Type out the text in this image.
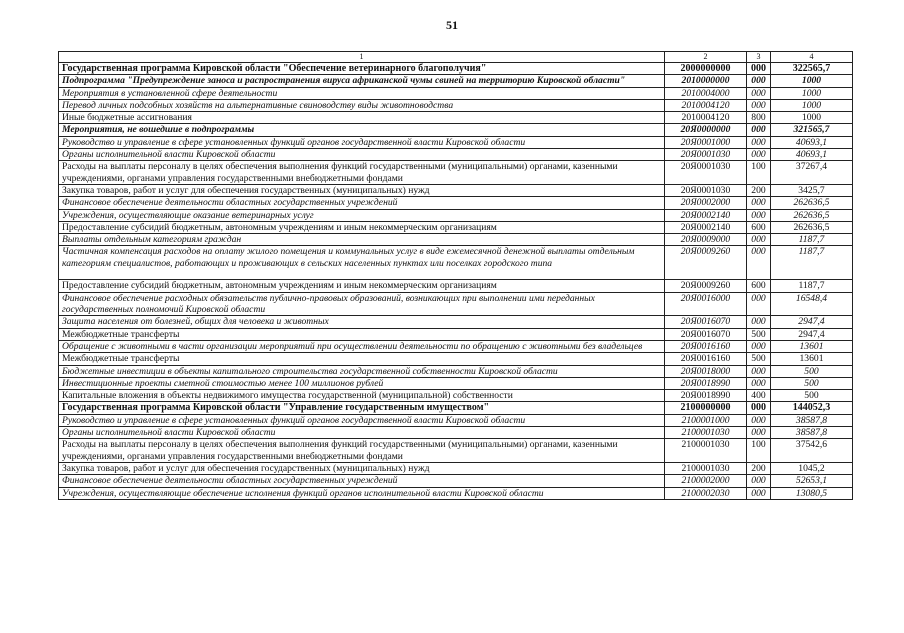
51
1	2	3	4
Государственная программа Кировской области "Обеспечение ветеринарного благополучия"	2000000000	000	322565,7
Подпрограмма "Предупреждение заноса и распространения вируса африканской чумы свиней на территорию Кировской области"	2010000000	000	1000
Мероприятия в установленной сфере деятельности	2010004000	000	1000
Перевод личных подсобных хозяйств на альтернативные свиноводству виды животноводства	2010004120	000	1000
Иные бюджетные ассигнования	2010004120	800	1000
Мероприятия, не вошедшие в подпрограммы	20Я0000000	000	321565,7
Руководство и управление в сфере установленных функций органов государственной власти Кировской области	20Я0001000	000	40693,1
Органы исполнительной власти Кировской области	20Я0001030	000	40693,1
Расходы на выплаты персоналу в целях обеспечения выполнения функций государственными (муниципальными) органами, казенными учреждениями, органами управления государственными внебюджетными фондами	20Я0001030	100	37267,4
Закупка товаров, работ и услуг для обеспечения государственных (муниципальных) нужд	20Я0001030	200	3425,7
Финансовое обеспечение деятельности областных государственных учреждений	20Я0002000	000	262636,5
Учреждения, осуществляющие оказание ветеринарных услуг	20Я0002140	000	262636,5
Предоставление субсидий бюджетным, автономным учреждениям и иным некоммерческим организациям	20Я0002140	600	262636,5
Выплаты отдельным категориям граждан	20Я0009000	000	1187,7
Частичная компенсация расходов на оплату жилого помещения и коммунальных услуг в виде ежемесячной денежной выплаты отдельным категориям специалистов, работающих и проживающих в сельских населенных пунктах или поселках городского типа	20Я0009260	000	1187,7
Предоставление субсидий бюджетным, автономным учреждениям и иным некоммерческим организациям	20Я0009260	600	1187,7
Финансовое обеспечение расходных обязательств публично-правовых образований, возникающих при выполнении ими переданных государственных полномочий Кировской области	20Я0016000	000	16548,4
Защита населения от болезней, общих для человека и животных	20Я0016070	000	2947,4
Межбюджетные трансферты	20Я0016070	500	2947,4
Обращение с животными в части организации мероприятий при осуществлении деятельности по обращению с животными без владельцев	20Я0016160	000	13601
Межбюджетные трансферты	20Я0016160	500	13601
Бюджетные инвестиции в объекты капитального строительства государственной собственности Кировской области	20Я0018000	000	500
Инвестиционные проекты сметной стоимостью менее 100 миллионов рублей	20Я0018990	000	500
Капитальные вложения в объекты недвижимого имущества государственной (муниципальной) собственности	20Я0018990	400	500
Государственная программа Кировской области "Управление государственным имуществом"	2100000000	000	144052,3
Руководство и управление в сфере установленных функций органов государственной власти Кировской области	2100001000	000	38587,8
Органы исполнительной власти Кировской области	2100001030	000	38587,8
Расходы на выплаты персоналу в целях обеспечения выполнения функций государственными (муниципальными) органами, казенными учреждениями, органами управления государственными внебюджетными фондами	2100001030	100	37542,6
Закупка товаров, работ и услуг для обеспечения государственных (муниципальных) нужд	2100001030	200	1045,2
Финансовое обеспечение деятельности областных государственных учреждений	2100002000	000	52653,1
Учреждения, осуществляющие обеспечение исполнения функций органов исполнительной власти Кировской области	2100002030	000	13080,5
